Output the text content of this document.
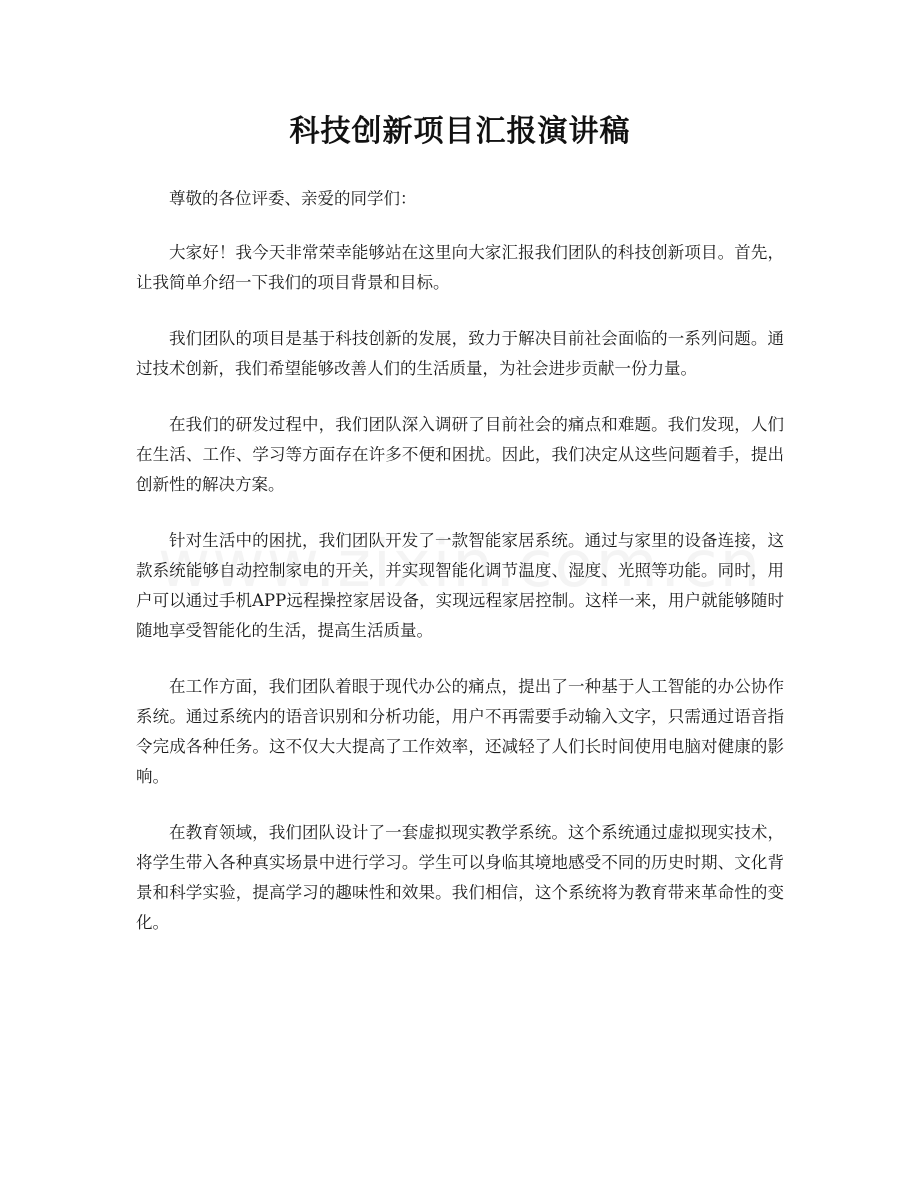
科技创新项目汇报演讲稿

尊敬的各位评委、亲爱的同学们：

大家好！我今天非常荣幸能够站在这里向大家汇报我们团队的科技创新项目。首先，让我简单介绍一下我们的项目背景和目标。

我们团队的项目是基于科技创新的发展，致力于解决目前社会面临的一系列问题。通过技术创新，我们希望能够改善人们的生活质量，为社会进步贡献一份力量。

在我们的研发过程中，我们团队深入调研了目前社会的痛点和难题。我们发现，人们在生活、工作、学习等方面存在许多不便和困扰。因此，我们决定从这些问题着手，提出创新性的解决方案。

针对生活中的困扰，我们团队开发了一款智能家居系统。通过与家里的设备连接，这款系统能够自动控制家电的开关，并实现智能化调节温度、湿度、光照等功能。同时，用户可以通过手机APP远程操控家居设备，实现远程家居控制。这样一来，用户就能够随时随地享受智能化的生活，提高生活质量。

在工作方面，我们团队着眼于现代办公的痛点，提出了一种基于人工智能的办公协作系统。通过系统内的语音识别和分析功能，用户不再需要手动输入文字，只需通过语音指令完成各种任务。这不仅大大提高了工作效率，还减轻了人们长时间使用电脑对健康的影响。

在教育领域，我们团队设计了一套虚拟现实教学系统。这个系统通过虚拟现实技术，将学生带入各种真实场景中进行学习。学生可以身临其境地感受不同的历史时期、文化背景和科学实验，提高学习的趣味性和效果。我们相信，这个系统将为教育带来革命性的变化。
